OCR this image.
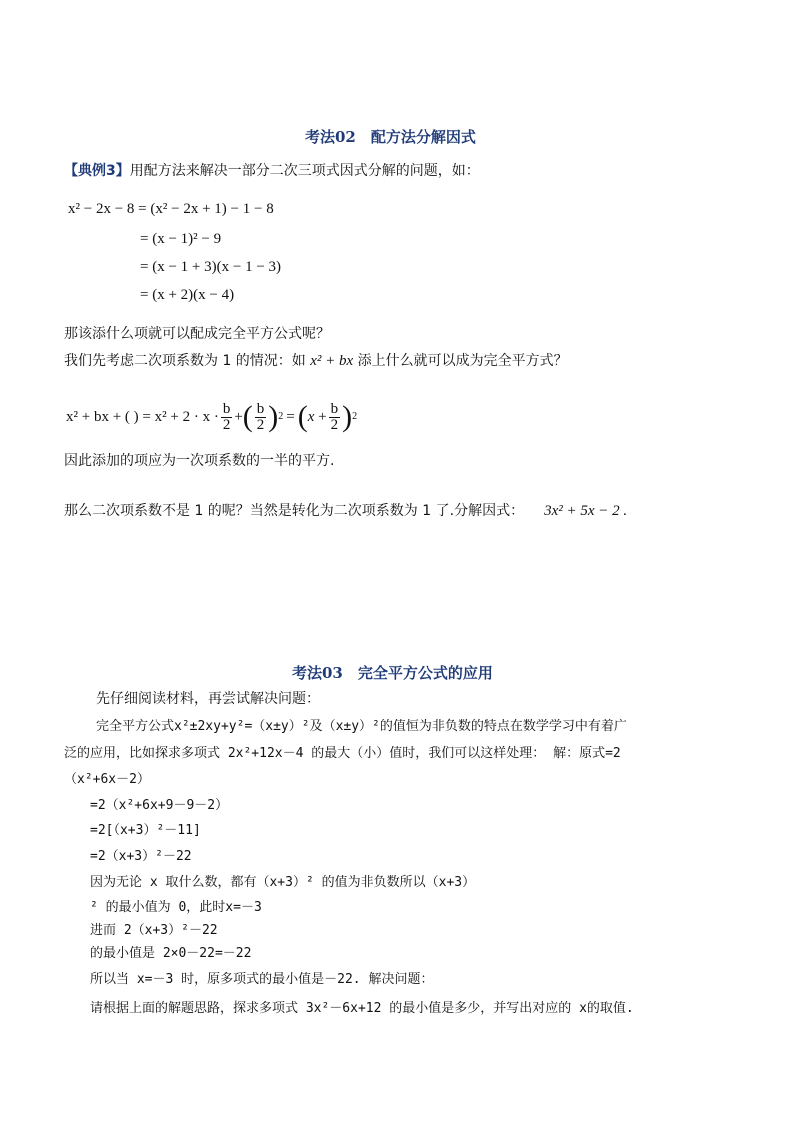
考法02　配方法分解因式
【典例3】用配方法来解决一部分二次三项式因式分解的问题，如：
x² − 2x − 8 = (x² − 2x + 1) − 1 − 8
= (x − 1)² − 9
= (x − 1 + 3)(x − 1 − 3)
= (x + 2)(x − 4)
那该添什么项就可以配成完全平方公式呢？
我们先考虑二次项系数为 1 的情况：如 x² + bx 添上什么就可以成为完全平方式？
x² + bx + ( ) = $x^2 + 2 \cdot x \cdot \frac{b}{2}$ + ( $\frac{b}{2}$ ) 2 = ( $x + \frac{b}{2}$ ) 2
因此添加的项应为一次项系数的一半的平方.
那么二次项系数不是 1 的呢？当然是转化为二次项系数为 1 了.分解因式： 3x² + 5x − 2 .
考法03　完全平方公式的应用
先仔细阅读材料，再尝试解决问题：
完全平方公式x²±2xy+y²=（x±y）²及（x±y）²的值恒为非负数的特点在数学学习中有着广
泛的应用，比如探求多项式 2x²+12x－4 的最大（小）值时，我们可以这样处理： 解：原式=2
（x²+6x－2）
=2（x²+6x+9－9－2）
=2[（x+3）²－11]
=2（x+3）²－22
因为无论 x 取什么数，都有（x+3）² 的值为非负数所以（x+3）
² 的最小值为 0，此时x=－3
进而 2（x+3）²－22
的最小值是 2×0－22=－22
所以当 x=－3 时，原多项式的最小值是－22. 解决问题：
请根据上面的解题思路，探求多项式 3x²－6x+12 的最小值是多少，并写出对应的 x的取值.
